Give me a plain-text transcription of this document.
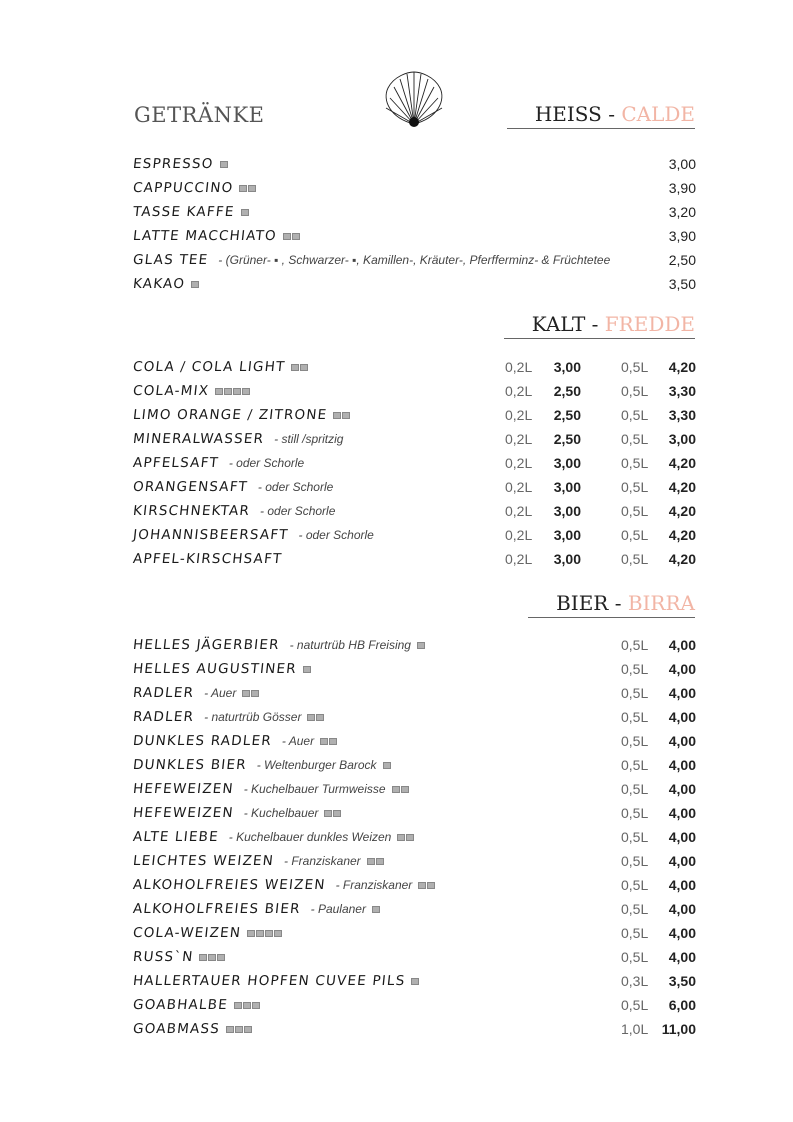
GETRÄNKE	HEISS - CALDE
KALT - FREDDE
BIER - BIRRA
ESPRESSO	3,00
CAPPUCCINO	3,90
TASSE KAFFE	3,20
LATTE MACCHIATO	3,90
GLAS TEE - (Grüner- ▪ , Schwarzer- ▪, Kamillen-, Kräuter-, Pferfferminz- & Früchtetee	2,50
KAKAO	3,50
COLA / COLA LIGHT	0,2L	3,00	0,5L	4,20
COLA-MIX	0,2L	2,50	0,5L	3,30
LIMO ORANGE / ZITRONE	0,2L	2,50	0,5L	3,30
MINERALWASSER - still /spritzig	0,2L	2,50	0,5L	3,00
APFELSAFT - oder Schorle	0,2L	3,00	0,5L	4,20
ORANGENSAFT - oder Schorle	0,2L	3,00	0,5L	4,20
KIRSCHNEKTAR - oder Schorle	0,2L	3,00	0,5L	4,20
JOHANNISBEERSAFT - oder Schorle	0,2L	3,00	0,5L	4,20
APFEL-KIRSCHSAFT	0,2L	3,00	0,5L	4,20
HELLES JÄGERBIER - naturtrüb HB Freising	0,5L	4,00
HELLES AUGUSTINER	0,5L	4,00
RADLER - Auer	0,5L	4,00
RADLER - naturtrüb Gösser	0,5L	4,00
DUNKLES RADLER - Auer	0,5L	4,00
DUNKLES BIER - Weltenburger Barock	0,5L	4,00
HEFEWEIZEN - Kuchelbauer Turmweisse	0,5L	4,00
HEFEWEIZEN - Kuchelbauer	0,5L	4,00
ALTE LIEBE - Kuchelbauer dunkles Weizen	0,5L	4,00
LEICHTES WEIZEN - Franziskaner	0,5L	4,00
ALKOHOLFREIES WEIZEN - Franziskaner	0,5L	4,00
ALKOHOLFREIES BIER - Paulaner	0,5L	4,00
COLA-WEIZEN	0,5L	4,00
RUSS`N	0,5L	4,00
HALLERTAUER HOPFEN CUVEE PILS	0,3L	3,50
GOABHALBE	0,5L	6,00
GOABMASS	1,0L 11,00
